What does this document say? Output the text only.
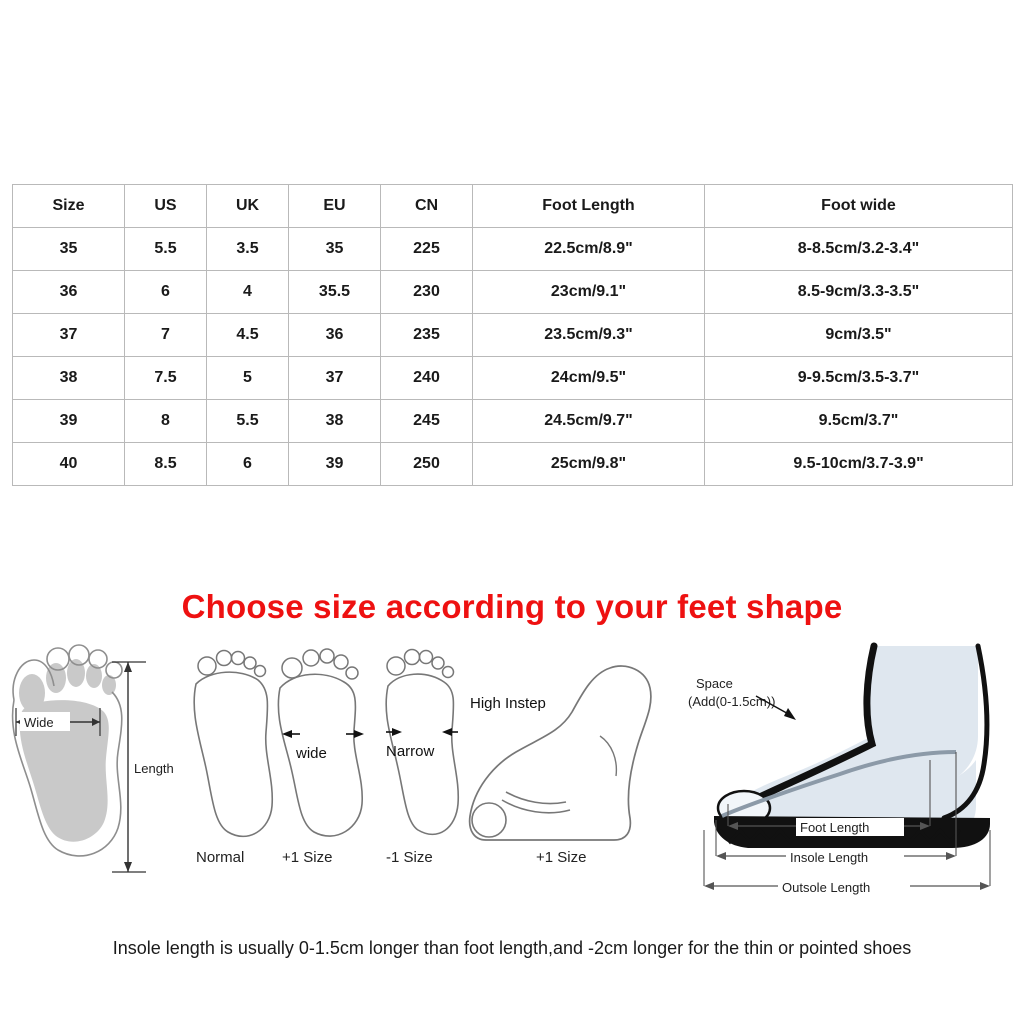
Size	US	UK	EU	CN	Foot Length	Foot wide
35	5.5	3.5	35	225	22.5cm/8.9"	8-8.5cm/3.2-3.4"
36	6	4	35.5	230	23cm/9.1"	8.5-9cm/3.3-3.5"
37	7	4.5	36	235	23.5cm/9.3"	9cm/3.5"
38	7.5	5	37	240	24cm/9.5"	9-9.5cm/3.5-3.7"
39	8	5.5	38	245	24.5cm/9.7"	9.5cm/3.7"
40	8.5	6	39	250	25cm/9.8"	9.5-10cm/3.7-3.9"
Choose size according to your feet shape
Wide
Length
Normal
wide
+1 Size
Narrow
-1 Size
High Instep
+1 Size
Space
(Add(0-1.5cm))
Foot Length
Insole Length
Outsole Length
Insole length is usually 0-1.5cm longer than foot length,and -2cm longer for the thin or pointed shoes
